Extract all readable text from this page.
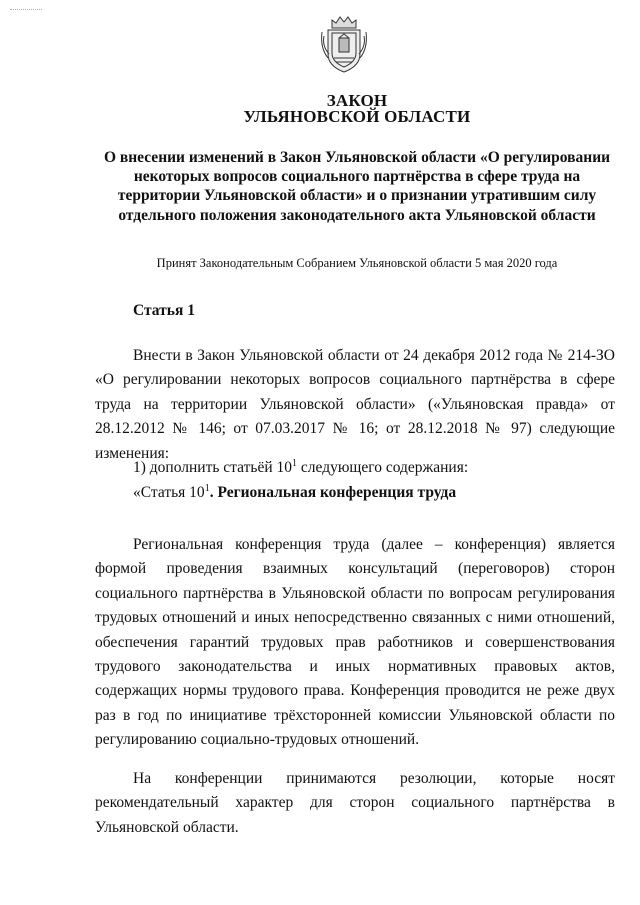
ЗАКОН
УЛЬЯНОВСКОЙ ОБЛАСТИ
О внесении изменений в Закон Ульяновской области «О регулировании некоторых вопросов социального партнёрства в сфере труда на территории Ульяновской области» и о признании утратившим силу отдельного положения законодательного акта Ульяновской области
Принят Законодательным Собранием Ульяновской области 5 мая 2020 года
Статья 1
Внести в Закон Ульяновской области от 24 декабря 2012 года № 214-ЗО «О регулировании некоторых вопросов социального партнёрства в сфере труда на территории Ульяновской области» («Ульяновская правда» от 28.12.2012 № 146; от 07.03.2017 № 16; от 28.12.2018 № 97) следующие изменения:
1) дополнить статьёй $10^1$ следующего содержания:
«Статья $10^1$. Региональная конференция труда
Региональная конференция труда (далее – конференция) является формой проведения взаимных консультаций (переговоров) сторон социального партнёрства в Ульяновской области по вопросам регулирования трудовых отношений и иных непосредственно связанных с ними отношений, обеспечения гарантий трудовых прав работников и совершенствования трудового законодательства и иных нормативных правовых актов, содержащих нормы трудового права. Конференция проводится не реже двух раз в год по инициативе трёхсторонней комиссии Ульяновской области по регулированию социально-трудовых отношений.
На конференции принимаются резолюции, которые носят рекомендательный характер для сторон социального партнёрства в Ульяновской области.
